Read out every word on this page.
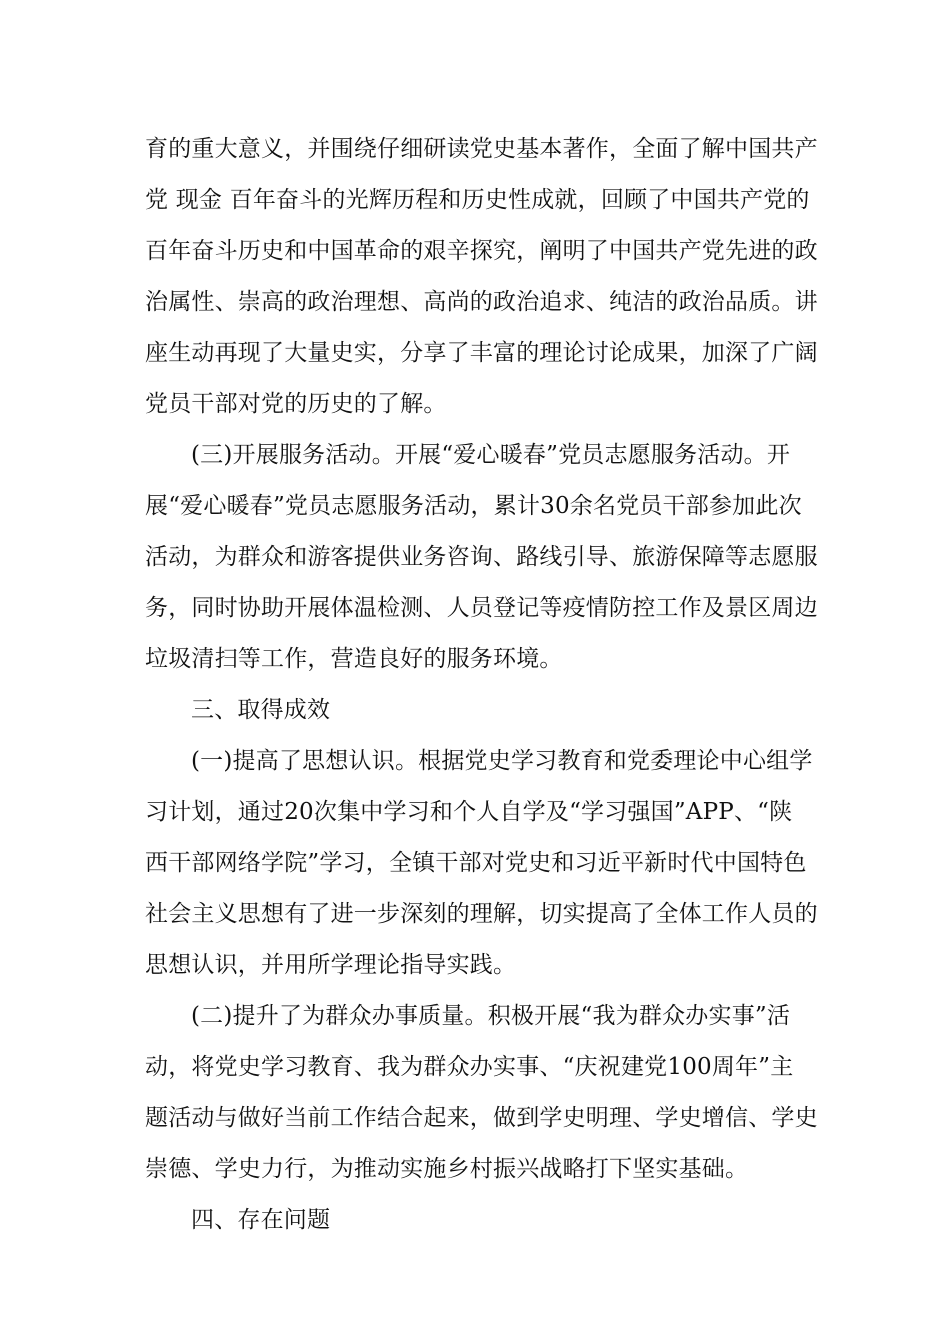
育的重大意义，并围绕仔细研读党史基本著作，全面了解中国共产
党 现金 百年奋斗的光辉历程和历史性成就，回顾了中国共产党的
百年奋斗历史和中国革命的艰辛探究，阐明了中国共产党先进的政
治属性、崇高的政治理想、高尚的政治追求、纯洁的政治品质。讲
座生动再现了大量史实，分享了丰富的理论讨论成果，加深了广阔
党员干部对党的历史的了解。
(三)开展服务活动。开展“爱心暖春”党员志愿服务活动。开
展“爱心暖春”党员志愿服务活动，累计30余名党员干部参加此次
活动，为群众和游客提供业务咨询、路线引导、旅游保障等志愿服
务，同时协助开展体温检测、人员登记等疫情防控工作及景区周边
垃圾清扫等工作，营造良好的服务环境。
三、取得成效
(一)提高了思想认识。根据党史学习教育和党委理论中心组学
习计划，通过20次集中学习和个人自学及“学习强国”APP、“陕
西干部网络学院”学习，全镇干部对党史和习近平新时代中国特色
社会主义思想有了进一步深刻的理解，切实提高了全体工作人员的
思想认识，并用所学理论指导实践。
(二)提升了为群众办事质量。积极开展“我为群众办实事”活
动，将党史学习教育、我为群众办实事、“庆祝建党100周年”主
题活动与做好当前工作结合起来，做到学史明理、学史增信、学史
崇德、学史力行，为推动实施乡村振兴战略打下坚实基础。
四、存在问题
